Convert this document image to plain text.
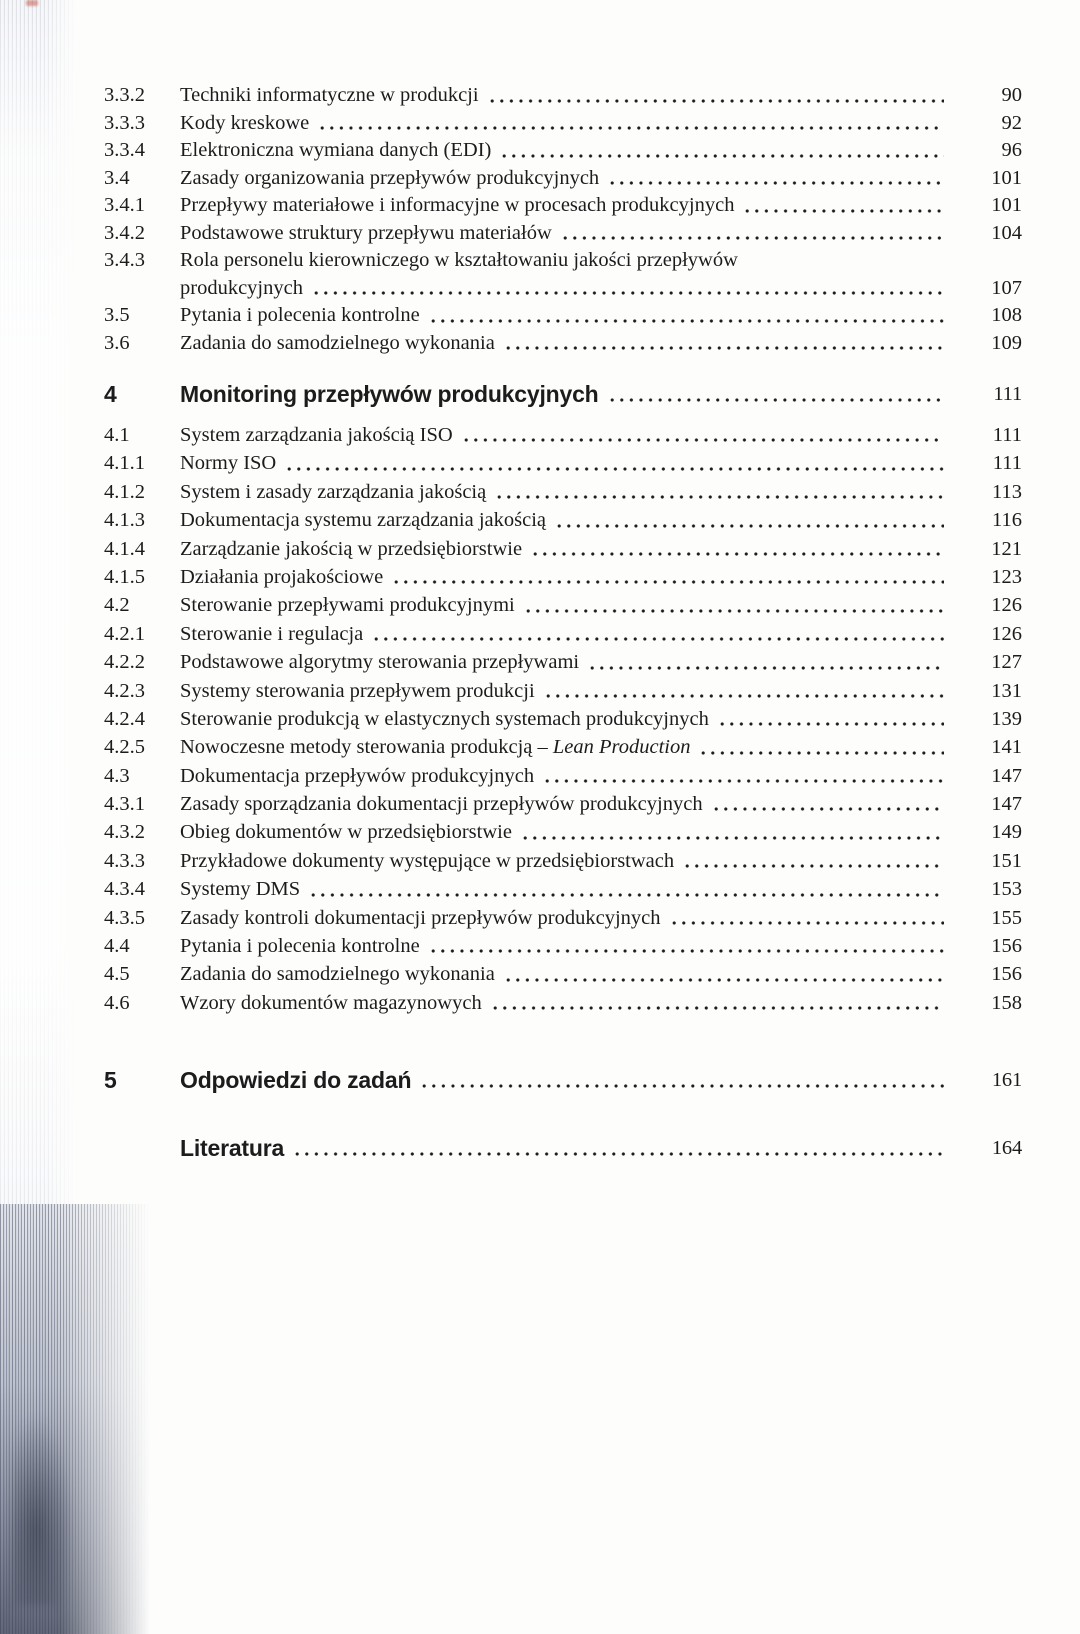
3.3.2	Techniki informatyczne w produkcji	90
3.3.3	Kody kreskowe	92
3.3.4	Elektroniczna wymiana danych (EDI)	96
3.4	Zasady organizowania przepływów produkcyjnych	101
3.4.1	Przepływy materiałowe i informacyjne w procesach produkcyjnych	101
3.4.2	Podstawowe struktury przepływu materiałów	104
3.4.3	Rola personelu kierowniczego w kształtowaniu jakości przepływów
produkcyjnych	107
3.5	Pytania i polecenia kontrolne	108
3.6	Zadania do samodzielnego wykonania	109
4	Monitoring przepływów produkcyjnych	111
4.1	System zarządzania jakością ISO	111
4.1.1	Normy ISO	111
4.1.2	System i zasady zarządzania jakością	113
4.1.3	Dokumentacja systemu zarządzania jakością	116
4.1.4	Zarządzanie jakością w przedsiębiorstwie	121
4.1.5	Działania projakościowe	123
4.2	Sterowanie przepływami produkcyjnymi	126
4.2.1	Sterowanie i regulacja	126
4.2.2	Podstawowe algorytmy sterowania przepływami	127
4.2.3	Systemy sterowania przepływem produkcji	131
4.2.4	Sterowanie produkcją w elastycznych systemach produkcyjnych	139
4.2.5	Nowoczesne metody sterowania produkcją – Lean Production	141
4.3	Dokumentacja przepływów produkcyjnych	147
4.3.1	Zasady sporządzania dokumentacji przepływów produkcyjnych	147
4.3.2	Obieg dokumentów w przedsiębiorstwie	149
4.3.3	Przykładowe dokumenty występujące w przedsiębiorstwach	151
4.3.4	Systemy DMS	153
4.3.5	Zasady kontroli dokumentacji przepływów produkcyjnych	155
4.4	Pytania i polecenia kontrolne	156
4.5	Zadania do samodzielnego wykonania	156
4.6	Wzory dokumentów magazynowych	158
5	Odpowiedzi do zadań	161
Literatura	164
